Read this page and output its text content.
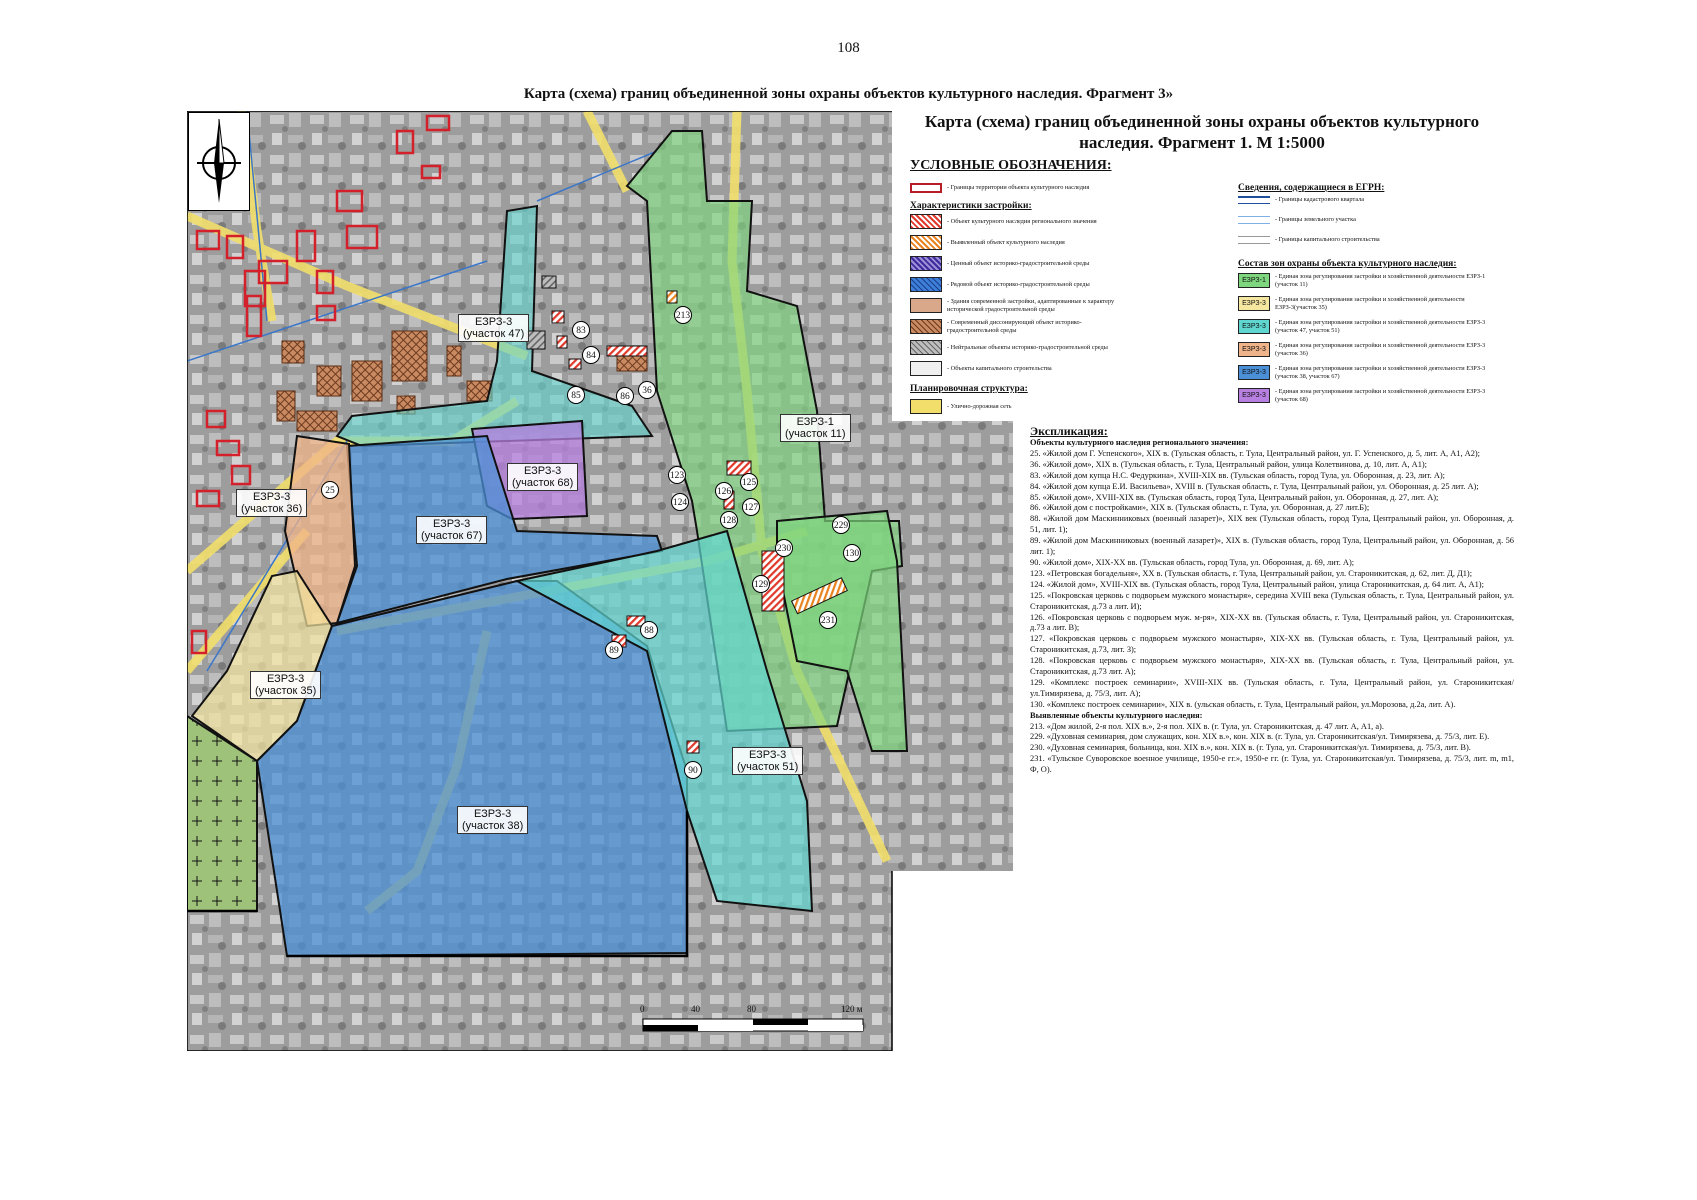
108
Карта (схема) границ объединенной зоны охраны объектов культурного наследия. Фрагмент 3»
Карта (схема) границ объединенной зоны охраны объектов культурного наследия. Фрагмент 1. М 1:5000
УСЛОВНЫЕ ОБОЗНАЧЕНИЯ:
- Границы территории объекта культурного наследия
Характеристики застройки:
- Объект культурного наследия регионального значения
- Выявленный объект культурного наследия
- Ценный объект историко-градостроительной среды
- Рядовой объект историко-градостроительной среды
- Здания современной застройки, адаптированные к характеру исторической градостроительной среды
- Современный диссонирующий объект историко-градостроительной среды
- Нейтральные объекты историко-градостроительной среды
- Объекты капитального строительства
Планировочная структура:
- Улично-дорожная сеть
Сведения, содержащиеся в ЕГРН:
- Границы кадастрового квартала
- Границы земельного участка
- Границы капитального строительства
Состав зон охраны объекта культурного наследия:
ЕЗРЗ-1
- Единая зона регулирования застройки и хозяйственной деятельности ЕЗРЗ-1 (участок 11)
ЕЗРЗ-3
- Единая зона регулирования застройки и хозяйственной деятельности ЕЗРЗ-3(участок 35)
ЕЗРЗ-3
- Единая зона регулирования застройки и хозяйственной деятельности ЕЗРЗ-3 (участок 47, участок 51)
ЕЗРЗ-3
- Единая зона регулирования застройки и хозяйственной деятельности ЕЗРЗ-3 (участок 36)
ЕЗРЗ-3
- Единая зона регулирования застройки и хозяйственной деятельности ЕЗРЗ-3 (участок 38, участок 67)
ЕЗРЗ-3
- Единая зона регулирования застройки и хозяйственной деятельности ЕЗРЗ-3 (участок 68)
Экспликация:
Объекты культурного наследия регионального значения:
25. «Жилой дом Г. Успенского», XIX в. (Тульская область, г. Тула, Центральный район, ул. Г. Успенского, д. 5, лит. А, А1, А2);
36. «Жилой дом», XIX в. (Тульская область, г. Тула, Центральный район, улица Колетвинова, д. 10, лит. А, А1);
83. «Жилой дом купца Н.С. Федуркина», XVIII-XIX вв. (Тульская область, город Тула, ул. Оборонная, д. 23, лит. А);
84. «Жилой дом купца Е.И. Васильева», XVIII в. (Тульская область, г. Тула, Центральный район, ул. Оборонная, д. 25 лит. А);
85. «Жилой дом», XVIII-XIX вв. (Тульская область, город Тула, Центральный район, ул. Оборонная, д. 27, лит. А);
86. «Жилой дом с постройками», XIX в. (Тульская область, г. Тула, ул. Оборонная, д. 27 лит.Б);
88. «Жилой дом Маскинниковых (военный лазарет)», XIX век (Тульская область, город Тула, Центральный район, ул. Оборонная, д. 51, лит. 1);
89. «Жилой дом Маскинниковых (военный лазарет)», XIX в. (Тульская область, город Тула, Центральный район, ул. Оборонная, д. 56 лит. 1);
90. «Жилой дом», XIX-XX вв. (Тульская область, город Тула, ул. Оборонная, д. 69, лит. А);
123. «Петровская богадельня», XX в. (Тульская область, г. Тула, Центральный район, ул. Староникитская, д. 62, лит. Д, Д1);
124. «Жилой дом», XVIII-XIX вв. (Тульская область, город Тула, Центральный район, улица Староникитская, д. 64 лит. А, А1);
125. «Покровская церковь с подворьем мужского монастыря», середина XVIII века (Тульская область, г. Тула, Центральный район, ул. Староникитская, д.73 а лит. И);
126. «Покровская церковь с подворьем муж. м-ря», XIX-XX вв. (Тульская область, г. Тула, Центральный район, ул. Староникитская, д.73 а лит. В);
127. «Покровская церковь с подворьем мужского монастыря», XIX-XX вв. (Тульская область, г. Тула, Центральный район, ул. Староникитская, д.73, лит. З);
128. «Покровская церковь с подворьем мужского монастыря», XIX-XX вв. (Тульская область, г. Тула, Центральный район, ул. Староникитская, д.73 лит. А);
129. «Комплекс построек семинарии», XVIII-XIX вв. (Тульская область, г. Тула, Центральный район, ул. Староникитская/ул.Тимирязева, д. 75/3, лит. А);
130. «Комплекс построек семинарии», XIX в. (ульская область, г. Тула, Центральный район, ул.Морозова, д.2а, лит. А).
Выявленные объекты культурного наследия:
213. «Дом жилой, 2-я пол. XIX в.», 2-я пол. XIX в. (г. Тула, ул. Староникитская, д. 47 лит. А, А1, а).
229. «Духовная семинария, дом служащих, кон. XIX в.», кон. XIX в. (г. Тула, ул. Староникитская/ул. Тимирязева, д. 75/3, лит. Е).
230. «Духовная семинария, больница, кон. XIX в.», кон. XIX в. (г. Тула, ул. Староникитская/ул. Тимирязева, д. 75/3, лит. В).
231. «Тульское Суворовское военное училище, 1950-е гг.», 1950-е гг. (г. Тула, ул. Староникитская/ул. Тимирязева, д. 75/3, лит. m, m1, Ф, О).
ЕЗРЗ-3
(участок 47)
ЕЗРЗ-1
(участок 11)
ЕЗРЗ-3
(участок 68)
ЕЗРЗ-3
(участок 36)
ЕЗРЗ-3
(участок 67)
ЕЗРЗ-3
(участок 35)
ЕЗРЗ-3
(участок 51)
ЕЗРЗ-3
(участок 38)
83
84
85	86
36
213
25
123
124
125
126
127
128	229
230	130
129
231
88
89
90
0	40	80	120 м
